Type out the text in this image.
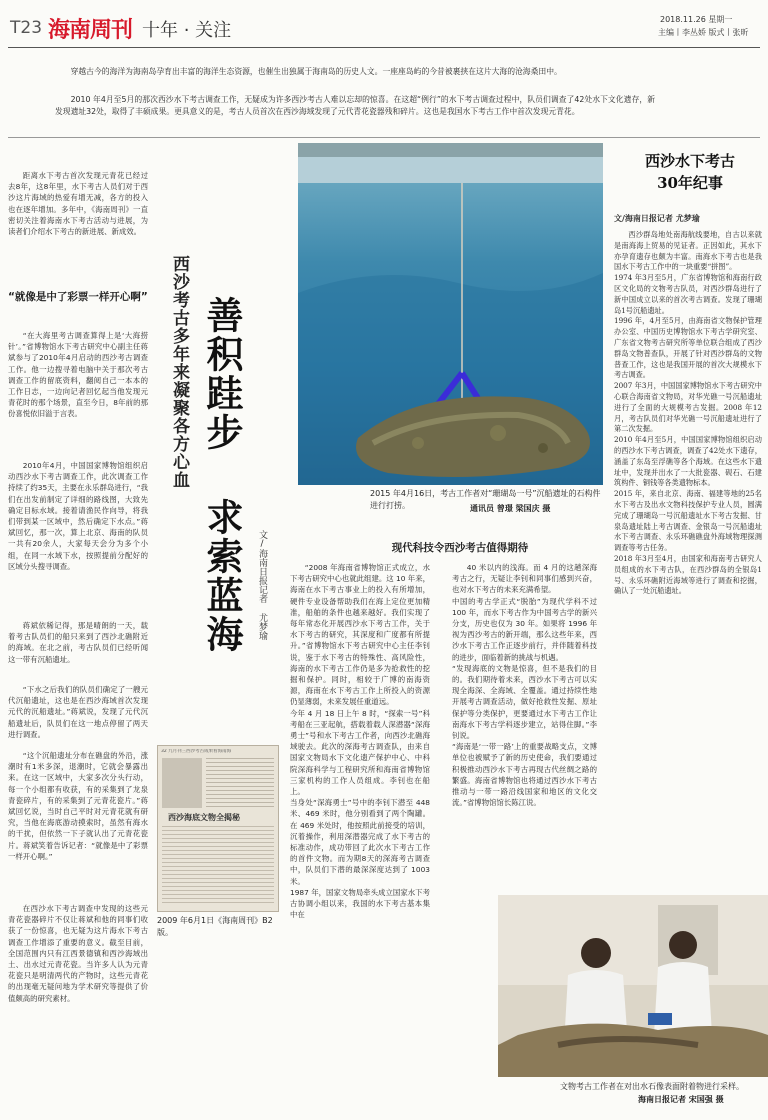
T23 海南周刊 十年 · 关注
2018.11.26 星期一
主编丨李丛娇 版式丨张昕
穿越古今的海洋为海南岛孕育出丰富的海洋生态资源，也催生出独属于海南岛的历史人文。一座座岛屿的今昔被裹挟在这片大海的沧海桑田中。
2010 年4月至5月的那次西沙水下考古调查工作，无疑成为许多西沙考古人难以忘却的惊喜。在这超“例行”的水下考古调查过程中，队员们调查了42处水下文化遗存，新发现遗址32处，取得了丰硕成果。更具意义的是，考古人员首次在西沙海域发现了元代青花瓷器残和碎片。这也是我国水下考古工作中首次发现元青花。
距离水下考古首次发现元青花已经过去8年，这8年里，水下考古人员们对于西沙这片海域的热爱有增无减，各方的投入也在逐年增加。多年中，《海南周刊》一直密切关注着海南水下考古活动与进展，为读者们介绍水下考古的新进展、新成效。
“就像是中了彩票一样开心啊”
“在大海里考古调查算得上是‘大海捞针’。”省博物馆水下考古研究中心副主任蒋斌参与了2010年4月启动的西沙考古调查工作。他一边搜寻着电脑中关于那次考古调查工作的留底资料，翻阅自己一本本的工作日志，一边向记者回忆起当他发现元青花时的那个场景，直至今日，8年前的那份喜悦依旧溢于言表。
2010年4月，中国国家博物馆组织启动西沙水下考古调查工作，此次调查工作持续了约35天，主要在永乐群岛进行，“我们在出发前制定了详细的路线图，大致先确定目标水域。接着请渔民作向导，将我们带到某一区域中，然后确定下水点。”蒋斌回忆，那一次，算上北京、海南的队员一共有20余人，大家每天会分为多个小组，在同一水域下水，按照提前分配好的区域分头搜寻调查。
蒋斌依稀记得，那是晴朗的一天，载着考古队员们的船只来到了西沙北礁附近的海域。在北之前，考古队员们已经听闻这一带有沉船遗址。
“下水之后我们的队员们确定了一艘元代沉船遗址，这也是在西沙海域首次发现元代的沉船遗址。”蒋斌说，发现了元代沉船遗址后，队员们在这一地点停留了两天进行调查。
“这个沉船遗址分布在礁盘的外沿，涨潮时有1米多深，退潮时，它就会暴露出来。在这一区域中，大家多次分头行动，每一个小组都有收获，有的采集到了龙泉青瓷碎片，有的采集到了元青花瓷片。”蒋斌回忆说，当时自己平时对元青花就有研究，当他在海底游动摸索时，虽然有海水的干扰，但依然一下子就认出了元青花瓷片。蒋斌笑着告诉记者：“就像是中了彩票一样开心啊。”
在西沙水下考古调查中发现的这些元青花瓷器碎片不仅让蒋斌和他的同事们收获了一份惊喜，也无疑为这片海水下考古调查工作增添了重要的意义。截至目前，全国范围内只有江西景德镇和西沙海域出土、出水过元青花瓷。当许多人认为元青花瓷只是明清两代的产物时，这些元青花的出现毫无疑问地为学术研究等提供了价值颇高的研究素材。
西沙考古多年来凝聚各方心血 善积跬步 求索蓝海 文/海南日报记者 尤梦瑜
2015 年4月16日，考古工作者对“珊瑚岛一号”沉船遗址的石构件进行打捞。	通讯员 曾璟 梁国庆 摄
现代科技令西沙考古值得期待
“2008 年海南省博物馆正式成立，水下考古研究中心也就此组建。这 10 年来，海南在水下考古事业上的投入有所增加，硬件专业设备帮助我们在海上定位更加精准，船舶的条件也越来越好。我们实现了每年常态化开展西沙水下考古工作，关于水下考古的研究，其深度和广度都有所提升。”省博物馆水下考古研究中心主任李钊说，鉴于水下考古的特殊性、高风险性，海南的水下考古工作仍是多为抢救性的挖掘和保护。同时，相较于广博的南海资源，海南在水下考古工作上所投入的资源仍显薄弱，未来发展任重道远。
今年 4 月 18 日上午 8 时，“探索一号”科考船在三亚起航，搭载着载人深潜器“深海勇士”号和水下考古工作者，向西沙北礁海域驶去。此次的深海考古调查队，由来自国家文物局水下文化遗产保护中心、中科院深海科学与工程研究所和海南省博物馆三家机构的工作人员组成。李钊也在船上。
当身处“深海勇士”号中的李钊下潜至 448 米、469 米时，他分别看到了两个陶罐。在 469 米处时，他按照此前接受的培训，沉着操作，利用深潜器完成了水下考古的标准动作，成功带回了此次水下考古工作的首件文物。而为期8天的深海考古调查中，队员们下潜的最深深度达到了 1003米。
1987 年，国家文物局牵头成立国家水下考古协调小组以来，我国的水下考古基本集中在
40 米以内的浅海。而 4 月的这趟深海考古之行，无疑让李钊和同事们感到兴奋，也对水下考古的未来充满希望。
中国的考古学正式“脱胎”为现代学科不过 100 年，而水下考古作为中国考古学的新兴分支，历史也仅为 30 年。如果将 1996 年视为西沙考古的新开端，那么这些年来，西沙水下考古工作正逐步前行，并伴随着科技的进步，面临着新的挑战与机遇。
“发现海底的文物是惊喜，但不是我们的目的。我们期待着未来，西沙水下考古可以实现全海深、全海域、全覆盖。通过持续性地开展考古调查活动，做好抢救性发掘、原址保护等分类保护，更要通过水下考古工作让南海水下考古学科逐步建立，站得住脚。”李钊说。
“海南是‘一带一路’上的重要战略支点，文博单位也被赋予了新的历史使命，我们要通过积极推动西沙水下考古再现古代丝绸之路的繁盛。海南省博物馆也将通过西沙水下考古推动与一带一路沿线国家和地区的文化交流。”省博物馆馆长陈江说。
32 九月刊三西沙考古成果看海南海
西沙海底文物全揭秘
2009 年6月1日《海南周刊》B2版。
西沙水下考古
30年纪事
文/海南日报记者 尤梦瑜
西沙群岛地处南海航线要地，自古以来就是南海海上贸易的见证者。正因如此，其水下亦孕育遗存也颇为丰富。南海水下考古也是我国水下考古工作中的一块重要“拼图”。
1974 年3月至5月，广东省博物馆和海南行政区文化局的文物考古队员，对西沙群岛进行了新中国成立以来的首次考古调查。发现了珊瑚岛1号沉船遗址。
1996 年，4月至5月，由海南省文物保护管理办公室、中国历史博物馆水下考古学研究室、广东省文物考古研究所等单位联合组成了西沙群岛文物普查队，开展了针对西沙群岛的文物普查工作，这也是我国开展的首次大规模水下考古调查。
2007 年3月，中国国家博物馆水下考古研究中心联合海南省文物局，对华光礁一号沉船遗址进行了全面的大规模考古发掘。2008 年12月，考古队员们对华光礁一号沉船遗址进行了第二次发掘。
2010 年4月至5月，中国国家博物馆组织启动的西沙水下考古调查，调查了42处水下遗存，涵盖了东岛至浮礁等各个海域。在这些水下遗址中，发现并出水了一大批瓷器、砚石、石建筑构件、铜钱等各类遗物标本。
2015 年，来自北京、海南、福建等地的25名水下考古及出水文物科技保护专业人员，圆满完成了珊瑚岛一号沉船遗址水下考古发掘、甘泉岛遗址陆上考古调查、金银岛一号沉船遗址水下考古调查、永乐环礁礁盘外海域物理探测调查等考古任务。
2018 年3月至4月，由国家和海南考古研究人员组成的水下考古队，在西沙群岛的全银岛1号、永乐环礁附近海域等进行了调查和挖掘，确认了一处沉船遗址。
文物考古工作者在对出水石像表面附着物进行采样。
海南日报记者 宋国强 摄
